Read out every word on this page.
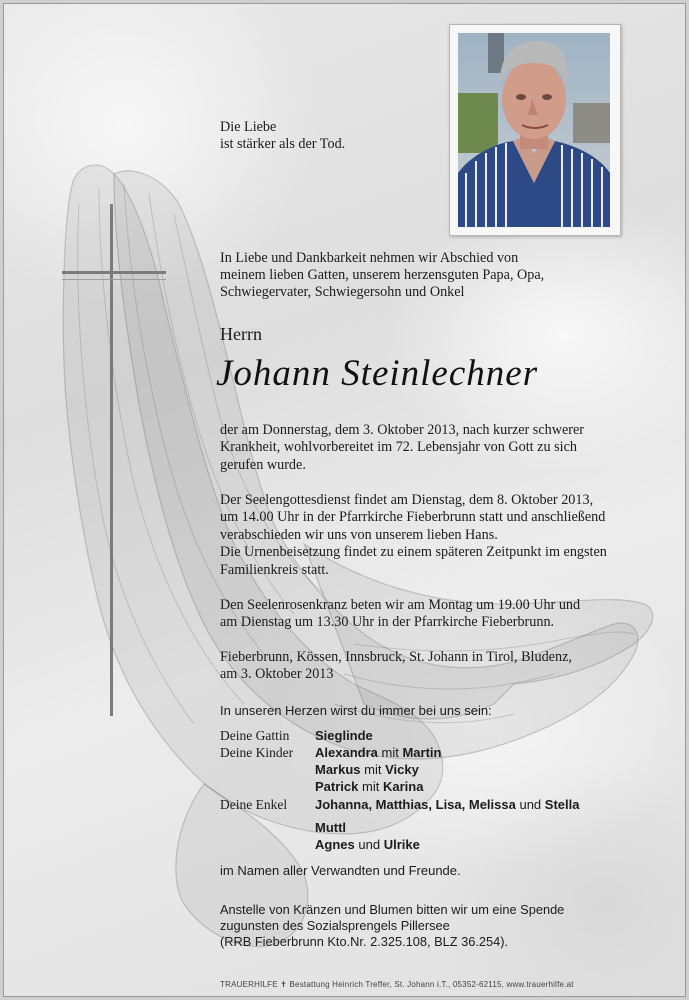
Die Liebe
ist stärker als der Tod.
In Liebe und Dankbarkeit nehmen wir Abschied von
meinem lieben Gatten, unserem herzensguten Papa, Opa,
Schwiegervater, Schwiegersohn und Onkel
Herrn
Johann Steinlechner
der am Donnerstag, dem 3. Oktober 2013, nach kurzer schwerer
Krankheit, wohlvorbereitet im 72. Lebensjahr von Gott zu sich
gerufen wurde.
Der Seelengottesdienst findet am Dienstag, dem 8. Oktober 2013,
um 14.00 Uhr in der Pfarrkirche Fieberbrunn statt und anschließend
verabschieden wir uns von unserem lieben Hans.
Die Urnenbeisetzung findet zu einem späteren Zeitpunkt im engsten
Familienkreis statt.
Den Seelenrosenkranz beten wir am Montag um 19.00 Uhr und
am Dienstag um 13.30 Uhr in der Pfarrkirche Fieberbrunn.
Fieberbrunn, Kössen, Innsbruck, St. Johann in Tirol, Bludenz,
am 3. Oktober 2013
In unseren Herzen wirst du immer bei uns sein:
Deine Gattin Sieglinde
Deine Kinder Alexandra mit Martin
Markus mit Vicky
Patrick mit Karina
Deine Enkel Johanna, Matthias, Lisa, Melissa und Stella
Muttl
Agnes und Ulrike
im Namen aller Verwandten und Freunde.
Anstelle von Kränzen und Blumen bitten wir um eine Spende
zugunsten des Sozialsprengels Pillersee
(RRB Fieberbrunn Kto.Nr. 2.325.108, BLZ 36.254).
TRAUERHILFE ✝ Bestattung Heinrich Treffer, St. Johann i.T., 05352-62115, www.trauerhilfe.at
